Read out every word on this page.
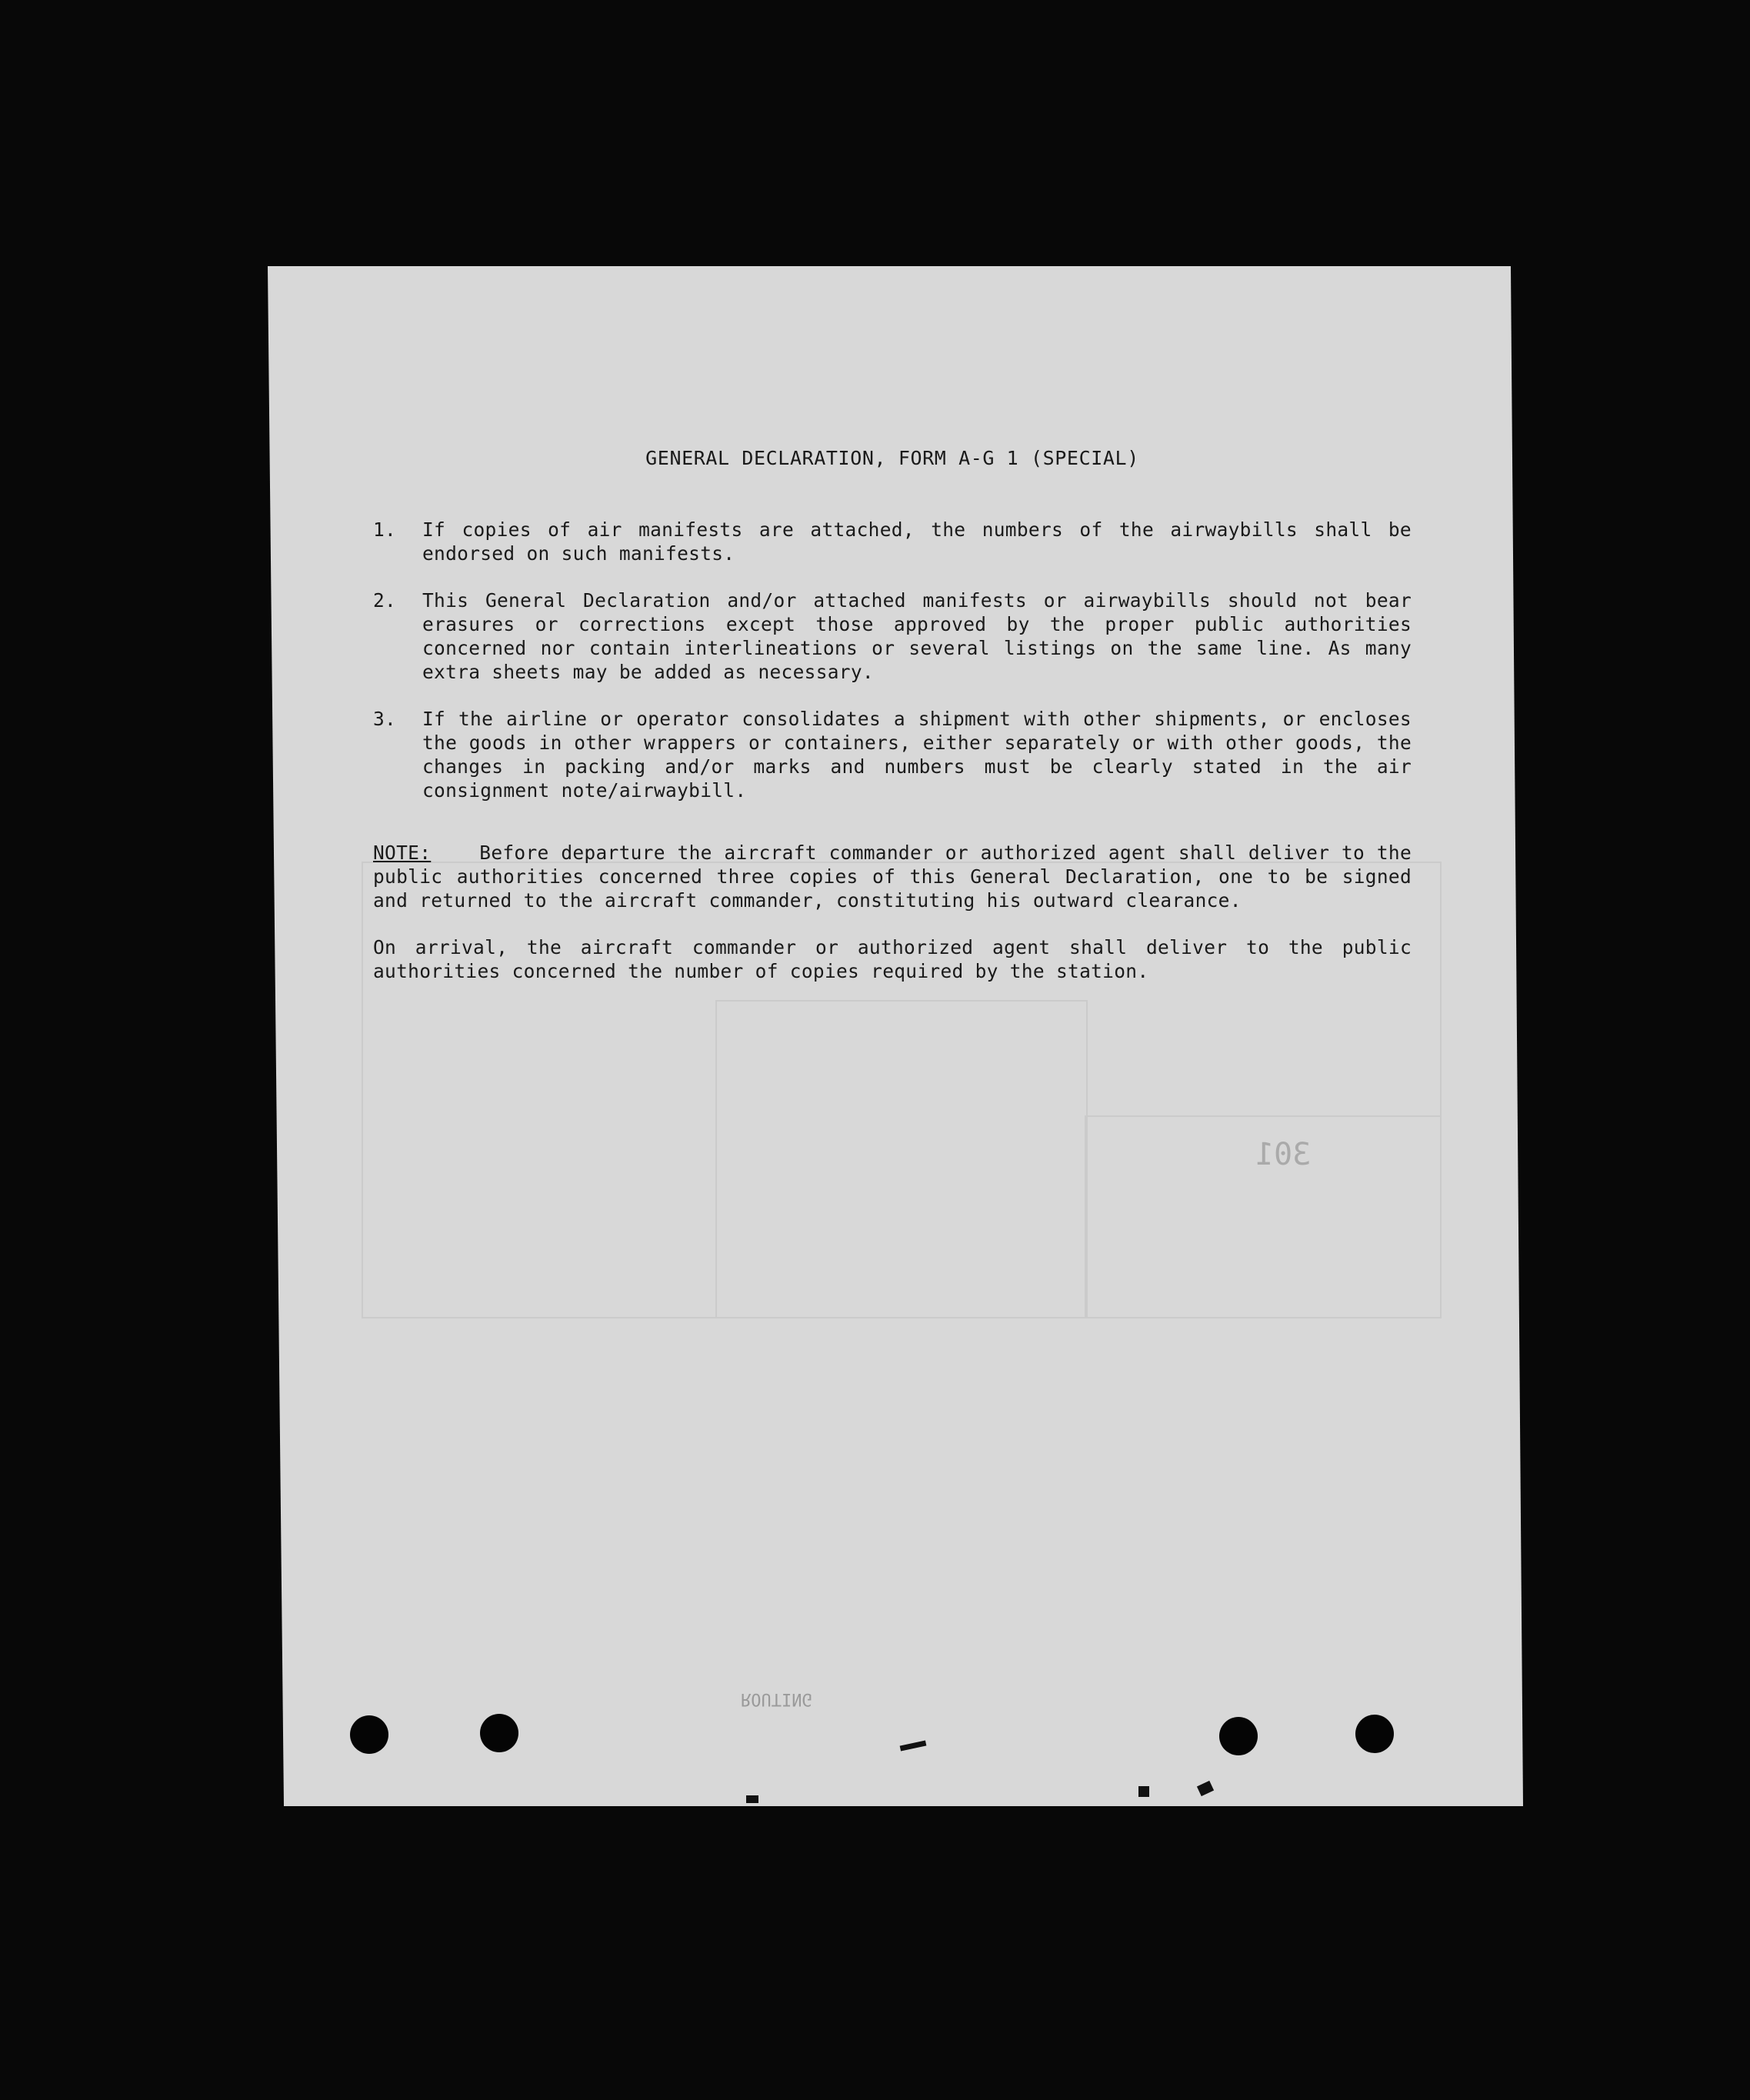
GENERAL DECLARATION, FORM A-G 1 (SPECIAL)
1.	If copies of air manifests are attached, the numbers of the airwaybills shall be endorsed on such manifests.
2.	This General Declaration and/or attached manifests or airwaybills should not bear erasures or corrections except those approved by the proper public authorities concerned nor contain interlineations or several listings on the same line. As many extra sheets may be added as necessary.
3.	If the airline or operator consolidates a shipment with other shipments, or encloses the goods in other wrappers or containers, either separately or with other goods, the changes in packing and/or marks and numbers must be clearly stated in the air consignment note/airwaybill.
NOTE:	Before departure the aircraft commander or authorized agent shall deliver to the public authorities concerned three copies of this General Declaration, one to be signed and returned to the aircraft commander, constituting his outward clearance.
On arrival, the aircraft commander or authorized agent shall deliver to the public authorities concerned the number of copies required by the station.
301
ROUTING
